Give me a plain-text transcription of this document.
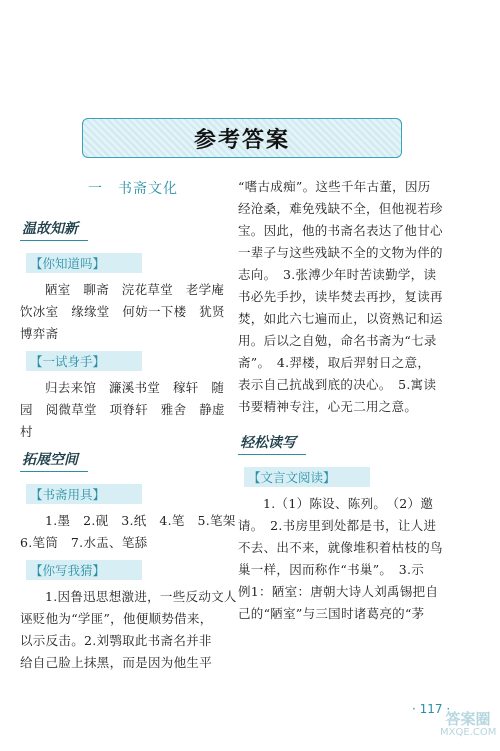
参考答案
一　书斋文化
温故知新
【你知道吗】

陋室　聊斋　浣花草堂　老学庵

饮冰室　缘缘堂　何妨一下楼　犹贤

博弈斋

【一试身手】

归去来馆　濂溪书堂　稼轩　随

园　阅微草堂　项脊轩　雅舍　静虚

村

拓展空间
【书斋用具】

1.墨　2.砚　3.纸　4.笔　5.笔架

6.笔筒　7.水盂、笔舔

【你写我猜】

1.因鲁迅思想激进，一些反动文人

诬贬他为“学匪”，他便顺势借来，

以示反击。2.刘鹗取此书斋名并非

给自己脸上抹黑，而是因为他生平

“嗜古成痴”。这些千年古董，因历

经沧桑，难免残缺不全，但他视若珍

宝。因此，他的书斋名表达了他甘心

一辈子与这些残缺不全的文物为伴的

志向。　3.张溥少年时苦读勤学，读

书必先手抄，读毕焚去再抄，复读再

焚，如此六七遍而止，以资熟记和运

用。后以之自勉，命名书斋为“七录

斋”。　4.羿楼，取后羿射日之意，

表示自己抗战到底的决心。　5.寓读

书要精神专注，心无二用之意。

轻松读写
【文言文阅读】

1.（1）陈设、陈列。　（2）邀

请。　2.书房里到处都是书，让人进

不去、出不来，就像堆积着枯枝的鸟

巢一样，因而称作“书巢”。　3.示

例1：陋室：唐朝大诗人刘禹锡把自

己的“陋室”与三国时诸葛亮的“茅

· 117 ·
答案圈
MXQE.COM
